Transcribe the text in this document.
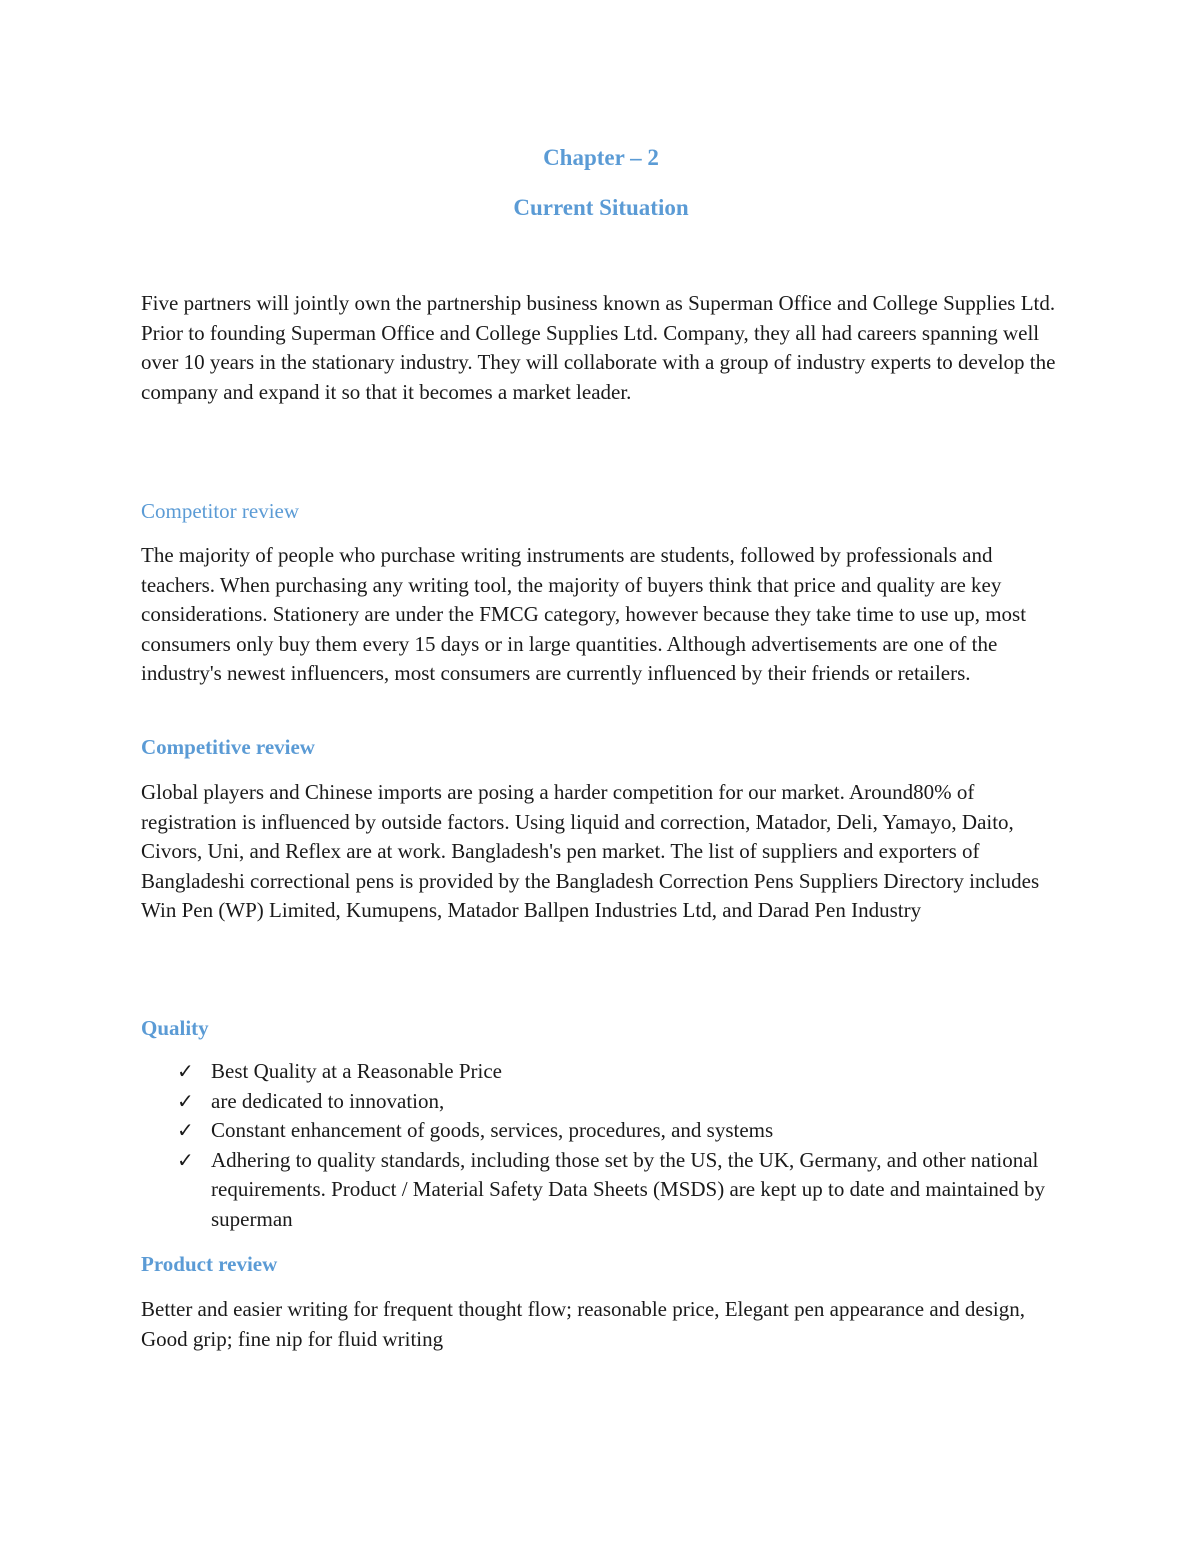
Chapter – 2
Current Situation

Five partners will jointly own the partnership business known as Superman Office and College Supplies Ltd. Prior to founding Superman Office and College Supplies Ltd. Company, they all had careers spanning well over 10 years in the stationary industry. They will collaborate with a group of industry experts to develop the company and expand it so that it becomes a market leader.

Competitor review

The majority of people who purchase writing instruments are students, followed by professionals and teachers. When purchasing any writing tool, the majority of buyers think that price and quality are key considerations. Stationery are under the FMCG category, however because they take time to use up, most consumers only buy them every 15 days or in large quantities. Although advertisements are one of the industry's newest influencers, most consumers are currently influenced by their friends or retailers.

Competitive review

Global players and Chinese imports are posing a harder competition for our market. Around80% of registration is influenced by outside factors. Using liquid and correction, Matador, Deli, Yamayo, Daito, Civors, Uni, and Reflex are at work. Bangladesh's pen market. The list of suppliers and exporters of Bangladeshi correctional pens is provided by the Bangladesh Correction Pens Suppliers Directory includes Win Pen (WP) Limited, Kumupens, Matador Ballpen Industries Ltd, and Darad Pen Industry

Quality
✓ Best Quality at a Reasonable Price
✓ are dedicated to innovation,
✓ Constant enhancement of goods, services, procedures, and systems
✓ Adhering to quality standards, including those set by the US, the UK, Germany, and other national requirements. Product / Material Safety Data Sheets (MSDS) are kept up to date and maintained by superman
Product review

Better and easier writing for frequent thought flow; reasonable price, Elegant pen appearance and design, Good grip; fine nip for fluid writing
